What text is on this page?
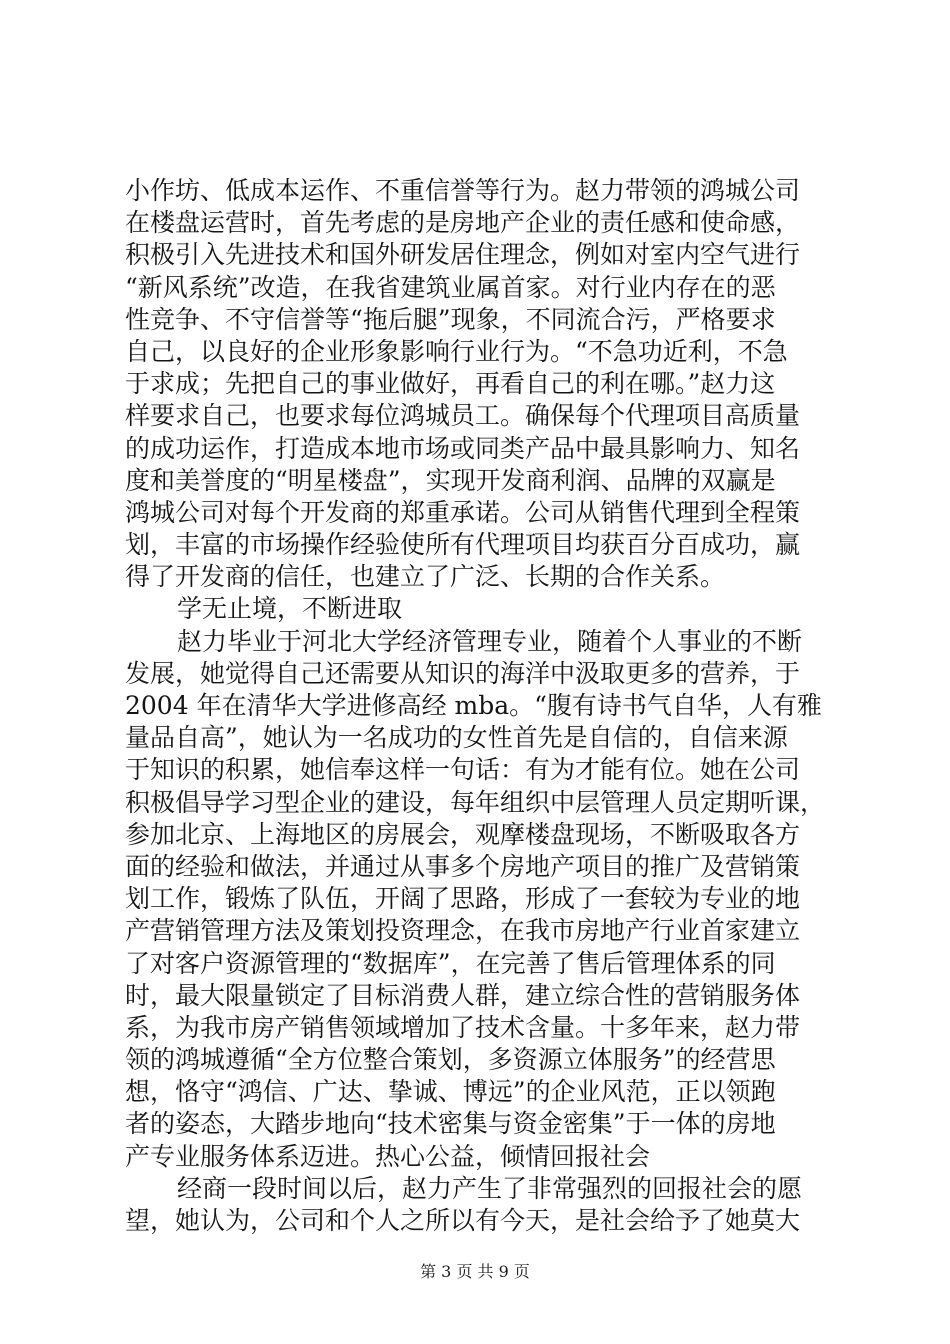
小作坊、低成本运作、不重信誉等行为。赵力带领的鸿城公司
在楼盘运营时，首先考虑的是房地产企业的责任感和使命感，
积极引入先进技术和国外研发居住理念，例如对室内空气进行
“新风系统”改造，在我省建筑业属首家。对行业内存在的恶
性竞争、不守信誉等“拖后腿”现象，不同流合污，严格要求
自己，以良好的企业形象影响行业行为。“不急功近利，不急
于求成；先把自己的事业做好，再看自己的利在哪。”赵力这
样要求自己，也要求每位鸿城员工。确保每个代理项目高质量
的成功运作，打造成本地市场或同类产品中最具影响力、知名
度和美誉度的“明星楼盘”，实现开发商利润、品牌的双赢是
鸿城公司对每个开发商的郑重承诺。公司从销售代理到全程策
划，丰富的市场操作经验使所有代理项目均获百分百成功，赢
得了开发商的信任，也建立了广泛、长期的合作关系。
学无止境，不断进取
赵力毕业于河北大学经济管理专业，随着个人事业的不断
发展，她觉得自己还需要从知识的海洋中汲取更多的营养，于
2004 年在清华大学进修高经 mba。“腹有诗书气自华，人有雅
量品自高”，她认为一名成功的女性首先是自信的，自信来源
于知识的积累，她信奉这样一句话：有为才能有位。她在公司
积极倡导学习型企业的建设，每年组织中层管理人员定期听课，
参加北京、上海地区的房展会，观摩楼盘现场，不断吸取各方
面的经验和做法，并通过从事多个房地产项目的推广及营销策
划工作，锻炼了队伍，开阔了思路，形成了一套较为专业的地
产营销管理方法及策划投资理念，在我市房地产行业首家建立
了对客户资源管理的“数据库”，在完善了售后管理体系的同
时，最大限量锁定了目标消费人群，建立综合性的营销服务体
系，为我市房产销售领域增加了技术含量。十多年来，赵力带
领的鸿城遵循“全方位整合策划，多资源立体服务”的经营思
想，恪守“鸿信、广达、挚诚、博远”的企业风范，正以领跑
者的姿态，大踏步地向“技术密集与资金密集”于一体的房地
产专业服务体系迈进。热心公益，倾情回报社会
经商一段时间以后，赵力产生了非常强烈的回报社会的愿
望，她认为，公司和个人之所以有今天，是社会给予了她莫大
第 3 页 共 9 页
